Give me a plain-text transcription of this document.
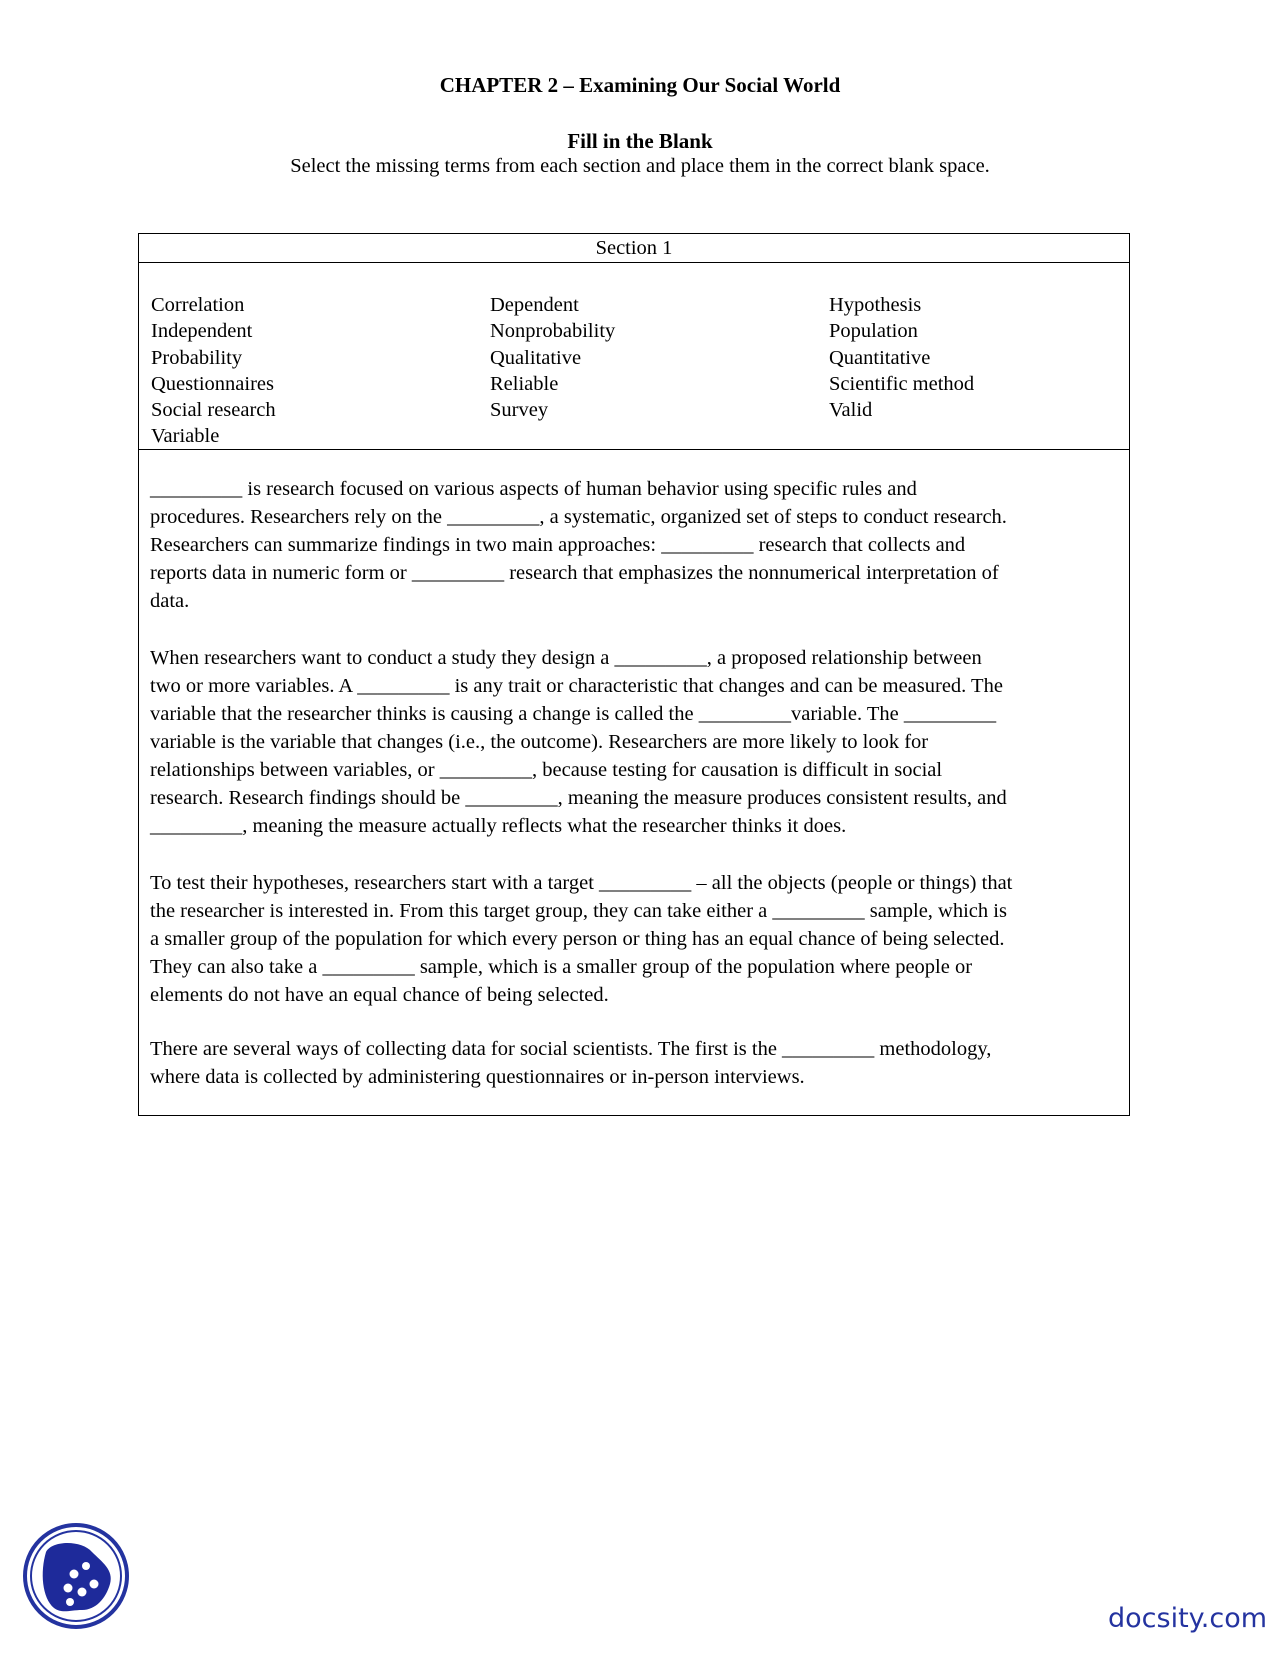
CHAPTER 2 – Examining Our Social World
Fill in the Blank
Select the missing terms from each section and place them in the correct blank space.
Section 1
Correlation
Independent
Probability
Questionnaires
Social research
Variable
Dependent
Nonprobability
Qualitative
Reliable
Survey
Hypothesis
Population
Quantitative
Scientific method
Valid
_________ is research focused on various aspects of human behavior using specific rules and
procedures. Researchers rely on the _________, a systematic, organized set of steps to conduct research.
Researchers can summarize findings in two main approaches: _________ research that collects and
reports data in numeric form or _________ research that emphasizes the nonnumerical interpretation of
data.
When researchers want to conduct a study they design a _________, a proposed relationship between
two or more variables. A _________ is any trait or characteristic that changes and can be measured. The
variable that the researcher thinks is causing a change is called the _________variable. The _________
variable is the variable that changes (i.e., the outcome). Researchers are more likely to look for
relationships between variables, or _________, because testing for causation is difficult in social
research. Research findings should be _________, meaning the measure produces consistent results, and
_________, meaning the measure actually reflects what the researcher thinks it does.
To test their hypotheses, researchers start with a target _________ – all the objects (people or things) that
the researcher is interested in. From this target group, they can take either a _________ sample, which is
a smaller group of the population for which every person or thing has an equal chance of being selected.
They can also take a _________ sample, which is a smaller group of the population where people or
elements do not have an equal chance of being selected.
There are several ways of collecting data for social scientists. The first is the _________ methodology,
where data is collected by administering questionnaires or in-person interviews.
docsity.com
